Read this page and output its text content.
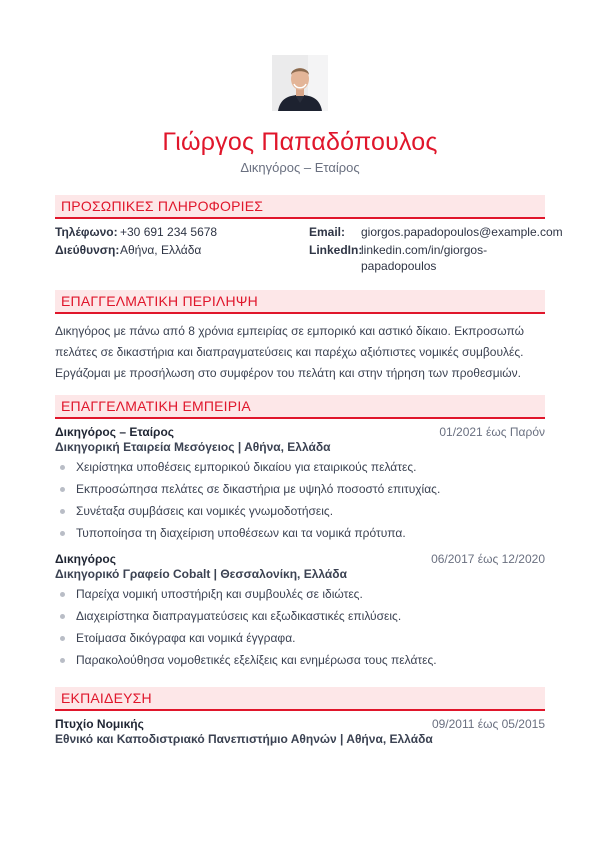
Γιώργος Παπαδόπουλος
Δικηγόρος – Εταίρος
ΠΡΟΣΩΠΙΚΕΣ ΠΛΗΡΟΦΟΡΙΕΣ
Τηλέφωνο: +30 691 234 5678
Διεύθυνση: Αθήνα, Ελλάδα
Email: giorgos.papadopoulos@example.com
LinkedIn:
linkedin.com/in/giorgos-
papadopoulos
ΕΠΑΓΓΕΛΜΑΤΙΚΗ ΠΕΡΙΛΗΨΗ
Δικηγόρος με πάνω από 8 χρόνια εμπειρίας σε εμπορικό και αστικό δίκαιο. Εκπροσωπώ
πελάτες σε δικαστήρια και διαπραγματεύσεις και παρέχω αξιόπιστες νομικές συμβουλές.
Εργάζομαι με προσήλωση στο συμφέρον του πελάτη και στην τήρηση των προθεσμιών.
ΕΠΑΓΓΕΛΜΑΤΙΚΗ ΕΜΠΕΙΡΙΑ
Δικηγόρος – Εταίρος	01/2021 έως Παρόν
Δικηγορική Εταιρεία Μεσόγειος | Αθήνα, Ελλάδα
Χειρίστηκα υποθέσεις εμπορικού δικαίου για εταιρικούς πελάτες.
Εκπροσώπησα πελάτες σε δικαστήρια με υψηλό ποσοστό επιτυχίας.
Συνέταξα συμβάσεις και νομικές γνωμοδοτήσεις.
Τυποποίησα τη διαχείριση υποθέσεων και τα νομικά πρότυπα.
Δικηγόρος	06/2017 έως 12/2020
Δικηγορικό Γραφείο Cobalt | Θεσσαλονίκη, Ελλάδα
Παρείχα νομική υποστήριξη και συμβουλές σε ιδιώτες.
Διαχειρίστηκα διαπραγματεύσεις και εξωδικαστικές επιλύσεις.
Ετοίμασα δικόγραφα και νομικά έγγραφα.
Παρακολούθησα νομοθετικές εξελίξεις και ενημέρωσα τους πελάτες.
ΕΚΠΑΙΔΕΥΣΗ
Πτυχίο Νομικής	09/2011 έως 05/2015
Εθνικό και Καποδιστριακό Πανεπιστήμιο Αθηνών | Αθήνα, Ελλάδα
